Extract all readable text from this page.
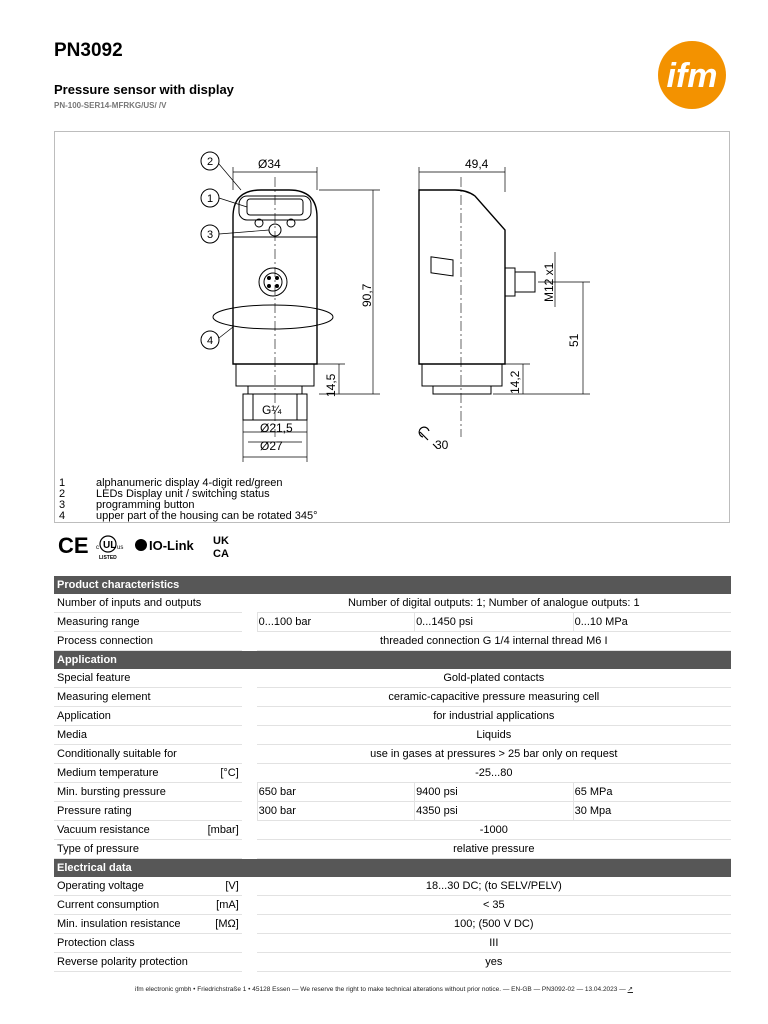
PN3092
Pressure sensor with display
PN-100-SER14-MFRKG/US/ /V
ifm
2
1
3
4
Ø34	49,4
90,7
14,5	14,2
M12 x1
51
G¼
Ø21,5
Ø27	30
1	alphanumeric display 4-digit red/green
2	LEDs Display unit / switching status
3	programming button
4	upper part of the housing can be rotated 345°
CE UL
c	us
LISTED
IO-Link UK
CA
Product characteristics				

Number of inputs and outputs		Number of digital outputs: 1; Number of analogue outputs: 1		

Measuring range		0...100 bar	0...1450 psi	0...10 MPa

Process connection		threaded connection G 1/4 internal thread M6 I		
Application				

Special feature		Gold-plated contacts		

Measuring element		ceramic-capacitive pressure measuring cell		

Application		for industrial applications		

Media		Liquids		

Conditionally suitable for		use in gases at pressures > 25 bar only on request		

Medium temperature [°C]		-25...80		

Min. bursting pressure		650 bar	9400 psi	65 MPa

Pressure rating		300 bar	4350 psi	30 Mpa

Vacuum resistance [mbar]		-1000		

Type of pressure		relative pressure		
Electrical data				

Operating voltage [V]		18...30 DC; (to SELV/PELV)		

Current consumption [mA]		< 35		

Min. insulation resistance [MΩ]		100; (500 V DC)		

Protection class		III		

Reverse polarity protection		yes		
ifm electronic gmbh • Friedrichstraße 1 • 45128 Essen — We reserve the right to make technical alterations without prior notice. — EN-GB — PN3092-02 — 13.04.2023 — ↗
